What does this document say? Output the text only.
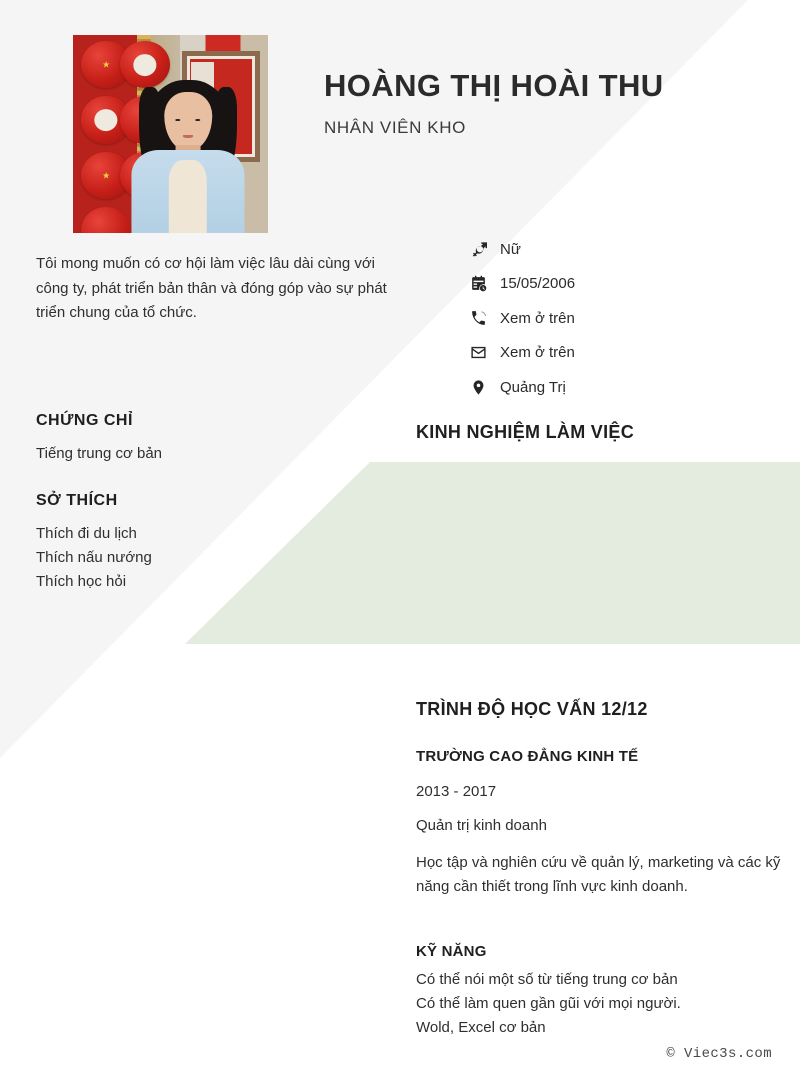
★
★
HOÀNG THỊ HOÀI THU
NHÂN VIÊN KHO
Tôi mong muốn có cơ hội làm việc lâu dài cùng với công ty, phát triển bản thân và đóng góp vào sự phát triển chung của tổ chức.
Nữ
15/05/2006
Xem ở trên
Xem ở trên
Quảng Trị
CHỨNG CHỈ
Tiếng trung cơ bản
SỞ THÍCH
Thích đi du lịch
Thích nấu nướng
Thích học hỏi
KINH NGHIỆM LÀM VIỆC
TRÌNH ĐỘ HỌC VẤN 12/12
TRƯỜNG CAO ĐẲNG KINH TẾ
2013 - 2017
Quản trị kinh doanh
Học tập và nghiên cứu về quản lý, marketing và các kỹ năng cần thiết trong lĩnh vực kinh doanh.
KỸ NĂNG
Có thể nói một số từ tiếng trung cơ bản
Có thể làm quen gần gũi với mọi người.
Wold, Excel cơ bản
© Viec3s.com
